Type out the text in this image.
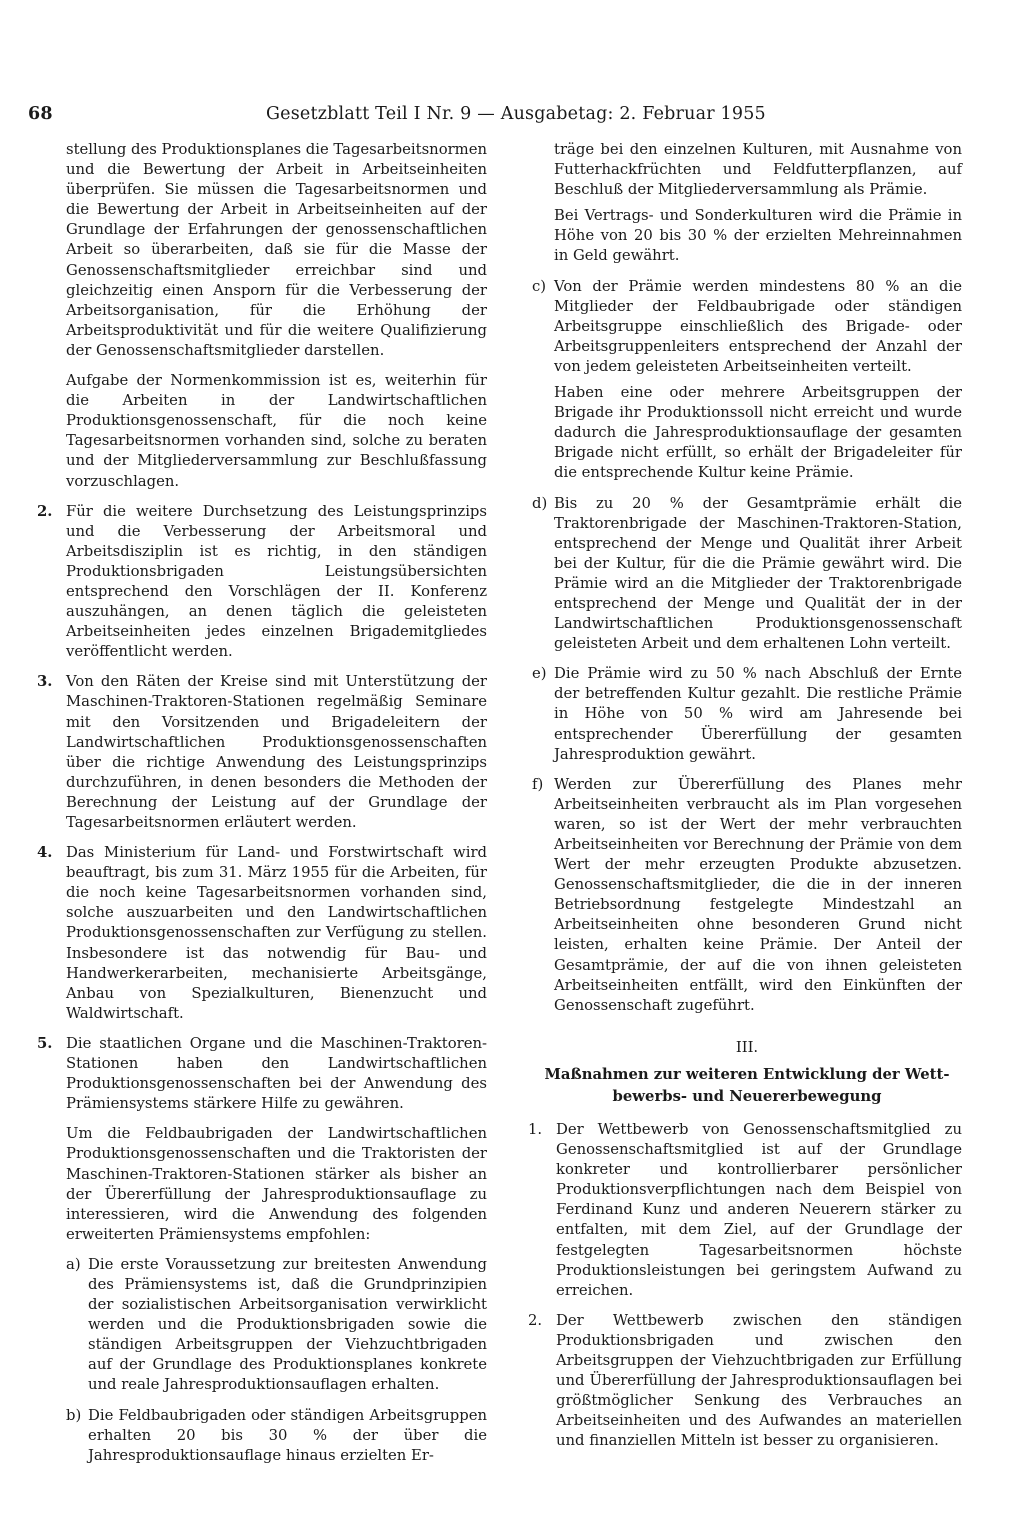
68	Gesetzblatt Teil I Nr. 9 — Ausgabetag: 2. Februar 1955

stellung des Produktionsplanes die Tagesarbeitsnormen und die Bewertung der Arbeit in Arbeitseinheiten überprüfen. Sie müssen die Tagesarbeitsnormen und die Bewertung der Arbeit in Arbeitseinheiten auf der Grundlage der Erfahrungen der genossenschaftlichen Arbeit so überarbeiten, daß sie für die Masse der Genossenschaftsmitglieder erreichbar sind und gleichzeitig einen Ansporn für die Verbesserung der Arbeitsorganisation, für die Erhöhung der Arbeitsproduktivität und für die weitere Qualifizierung der Genossenschaftsmitglieder darstellen.

Aufgabe der Normenkommission ist es, weiterhin für die Arbeiten in der Landwirtschaftlichen Produktionsgenossenschaft, für die noch keine Tagesarbeitsnormen vorhanden sind, solche zu beraten und der Mitgliederversammlung zur Beschlußfassung vorzuschlagen.

2. Für die weitere Durchsetzung des Leistungsprinzips und die Verbesserung der Arbeitsmoral und Arbeitsdisziplin ist es richtig, in den ständigen Produktionsbrigaden Leistungsübersichten entsprechend den Vorschlägen der II. Konferenz auszuhängen, an denen täglich die geleisteten Arbeitseinheiten jedes einzelnen Brigademitgliedes veröffentlicht werden.
3. Von den Räten der Kreise sind mit Unterstützung der Maschinen-Traktoren-Stationen regelmäßig Seminare mit den Vorsitzenden und Brigadeleitern der Landwirtschaftlichen Produktionsgenossenschaften über die richtige Anwendung des Leistungsprinzips durchzuführen, in denen besonders die Methoden der Berechnung der Leistung auf der Grundlage der Tagesarbeitsnormen erläutert werden.
4. Das Ministerium für Land- und Forstwirtschaft wird beauftragt, bis zum 31. März 1955 für die Arbeiten, für die noch keine Tagesarbeitsnormen vorhanden sind, solche auszuarbeiten und den Landwirtschaftlichen Produktionsgenossenschaften zur Verfügung zu stellen. Insbesondere ist das notwendig für Bau- und Handwerkerarbeiten, mechanisierte Arbeitsgänge, Anbau von Spezialkulturen, Bienenzucht und Waldwirtschaft.
5. Die staatlichen Organe und die Maschinen-Traktoren-Stationen haben den Landwirtschaftlichen Produktionsgenossenschaften bei der Anwendung des Prämiensystems stärkere Hilfe zu gewähren.

Um die Feldbaubrigaden der Landwirtschaftlichen Produktionsgenossenschaften und die Traktoristen der Maschinen-Traktoren-Stationen stärker als bisher an der Übererfüllung der Jahresproduktionsauflage zu interessieren, wird die Anwendung des folgenden erweiterten Prämiensystems empfohlen:

a) Die erste Voraussetzung zur breitesten Anwendung des Prämiensystems ist, daß die Grundprinzipien der sozialistischen Arbeitsorganisation verwirklicht werden und die Produktionsbrigaden sowie die ständigen Arbeitsgruppen der Viehzuchtbrigaden auf der Grundlage des Produktionsplanes konkrete und reale Jahresproduktionsauflagen erhalten.
b) Die Feldbaubrigaden oder ständigen Arbeitsgruppen erhalten 20 bis 30 % der über die Jahresproduktionsauflage hinaus erzielten Er-
träge bei den einzelnen Kulturen, mit Ausnahme von Futterhackfrüchten und Feldfutterpflanzen, auf Beschluß der Mitgliederversammlung als Prämie.
Bei Vertrags- und Sonderkulturen wird die Prämie in Höhe von 20 bis 30 % der erzielten Mehreinnahmen in Geld gewährt.
c) Von der Prämie werden mindestens 80 % an die Mitglieder der Feldbaubrigade oder ständigen Arbeitsgruppe einschließlich des Brigade- oder Arbeitsgruppenleiters entsprechend der Anzahl der von jedem geleisteten Arbeitseinheiten verteilt.
Haben eine oder mehrere Arbeitsgruppen der Brigade ihr Produktionssoll nicht erreicht und wurde dadurch die Jahresproduktionsauflage der gesamten Brigade nicht erfüllt, so erhält der Brigadeleiter für die entsprechende Kultur keine Prämie.
d) Bis zu 20 % der Gesamtprämie erhält die Traktorenbrigade der Maschinen-Traktoren-Station, entsprechend der Menge und Qualität ihrer Arbeit bei der Kultur, für die die Prämie gewährt wird. Die Prämie wird an die Mitglieder der Traktorenbrigade entsprechend der Menge und Qualität der in der Landwirtschaftlichen Produktionsgenossenschaft geleisteten Arbeit und dem erhaltenen Lohn verteilt.
e) Die Prämie wird zu 50 % nach Abschluß der Ernte der betreffenden Kultur gezahlt. Die restliche Prämie in Höhe von 50 % wird am Jahresende bei entsprechender Übererfüllung der gesamten Jahresproduktion gewährt.
f) Werden zur Übererfüllung des Planes mehr Arbeitseinheiten verbraucht als im Plan vorgesehen waren, so ist der Wert der mehr verbrauchten Arbeitseinheiten vor Berechnung der Prämie von dem Wert der mehr erzeugten Produkte abzusetzen. Genossenschaftsmitglieder, die die in der inneren Betriebsordnung festgelegte Mindestzahl an Arbeitseinheiten ohne besonderen Grund nicht leisten, erhalten keine Prämie. Der Anteil der Gesamtprämie, der auf die von ihnen geleisteten Arbeitseinheiten entfällt, wird den Einkünften der Genossenschaft zugeführt.
III.
Maßnahmen zur weiteren Entwicklung der Wett-
bewerbs- und Neuererbewegung
1. Der Wettbewerb von Genossenschaftsmitglied zu Genossenschaftsmitglied ist auf der Grundlage konkreter und kontrollierbarer persönlicher Produktionsverpflichtungen nach dem Beispiel von Ferdinand Kunz und anderen Neuerern stärker zu entfalten, mit dem Ziel, auf der Grundlage der festgelegten Tagesarbeitsnormen höchste Produktionsleistungen bei geringstem Aufwand zu erreichen.
2. Der Wettbewerb zwischen den ständigen Produktionsbrigaden und zwischen den Arbeitsgruppen der Viehzuchtbrigaden zur Erfüllung und Übererfüllung der Jahresproduktionsauflagen bei größtmöglicher Senkung des Verbrauches an Arbeitseinheiten und des Aufwandes an materiellen und finanziellen Mitteln ist besser zu organisieren.
